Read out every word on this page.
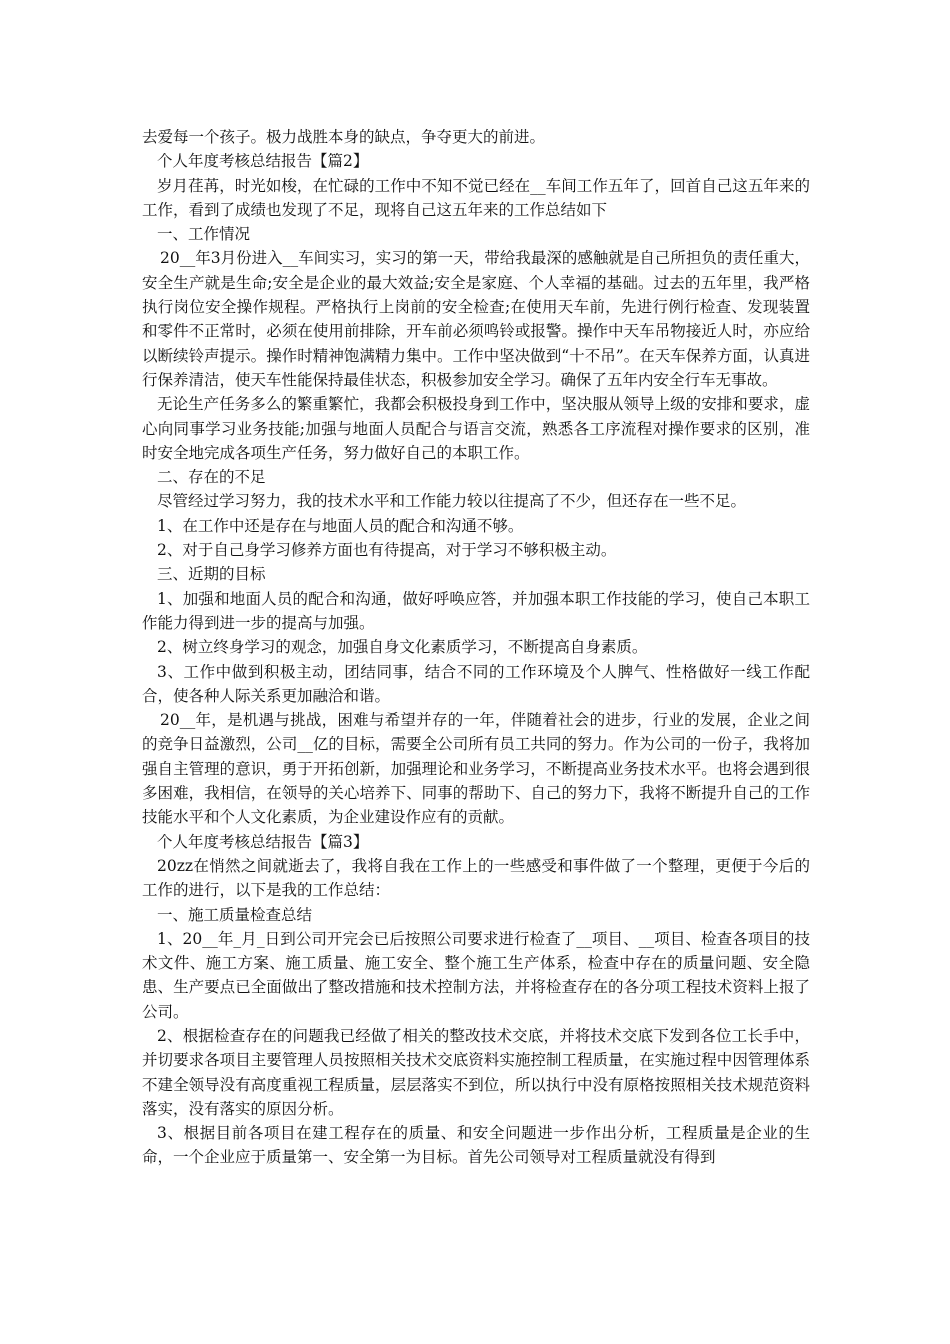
去爱每一个孩子。极力战胜本身的缺点，争夺更大的前进。

个人年度考核总结报告【篇2】

岁月荏苒，时光如梭，在忙碌的工作中不知不觉已经在__车间工作五年了，回首自己这五年来的工作，看到了成绩也发现了不足，现将自己这五年来的工作总结如下

一、工作情况

20__年3月份进入__车间实习，实习的第一天，带给我最深的感触就是自己所担负的责任重大，安全生产就是生命;安全是企业的最大效益;安全是家庭、个人幸福的基础。过去的五年里，我严格执行岗位安全操作规程。严格执行上岗前的安全检查;在使用天车前，先进行例行检查、发现装置和零件不正常时，必须在使用前排除，开车前必须鸣铃或报警。操作中天车吊物接近人时，亦应给以断续铃声提示。操作时精神饱满精力集中。工作中坚决做到“十不吊”。在天车保养方面，认真进行保养清洁，使天车性能保持最佳状态，积极参加安全学习。确保了五年内安全行车无事故。

无论生产任务多么的繁重繁忙，我都会积极投身到工作中，坚决服从领导上级的安排和要求，虚心向同事学习业务技能;加强与地面人员配合与语言交流，熟悉各工序流程对操作要求的区别，准时安全地完成各项生产任务，努力做好自己的本职工作。

二、存在的不足

尽管经过学习努力，我的技术水平和工作能力较以往提高了不少，但还存在一些不足。

1、在工作中还是存在与地面人员的配合和沟通不够。

2、对于自己身学习修养方面也有待提高，对于学习不够积极主动。

三、近期的目标

1、加强和地面人员的配合和沟通，做好呼唤应答，并加强本职工作技能的学习，使自己本职工作能力得到进一步的提高与加强。

2、树立终身学习的观念，加强自身文化素质学习，不断提高自身素质。

3、工作中做到积极主动，团结同事，结合不同的工作环境及个人脾气、性格做好一线工作配合，使各种人际关系更加融洽和谐。

20__年，是机遇与挑战，困难与希望并存的一年，伴随着社会的进步，行业的发展，企业之间的竞争日益激烈，公司__亿的目标，需要全公司所有员工共同的努力。作为公司的一份子，我将加强自主管理的意识，勇于开拓创新，加强理论和业务学习，不断提高业务技术水平。也将会遇到很多困难，我相信，在领导的关心培养下、同事的帮助下、自己的努力下，我将不断提升自己的工作技能水平和个人文化素质，为企业建设作应有的贡献。

个人年度考核总结报告【篇3】

20zz在悄然之间就逝去了，我将自我在工作上的一些感受和事件做了一个整理，更便于今后的工作的进行，以下是我的工作总结：

一、施工质量检查总结

1、20__年_月_日到公司开完会已后按照公司要求进行检查了__项目、__项目、检查各项目的技术文件、施工方案、施工质量、施工安全、整个施工生产体系，检查中存在的质量问题、安全隐患、生产要点已全面做出了整改措施和技术控制方法，并将检查存在的各分项工程技术资料上报了公司。

2、根据检查存在的问题我已经做了相关的整改技术交底，并将技术交底下发到各位工长手中，并切要求各项目主要管理人员按照相关技术交底资料实施控制工程质量，在实施过程中因管理体系不建全领导没有高度重视工程质量，层层落实不到位，所以执行中没有原格按照相关技术规范资料落实，没有落实的原因分析。

3、根据目前各项目在建工程存在的质量、和安全问题进一步作出分析，工程质量是企业的生命，一个企业应于质量第一、安全第一为目标。首先公司领导对工程质量就没有得到
